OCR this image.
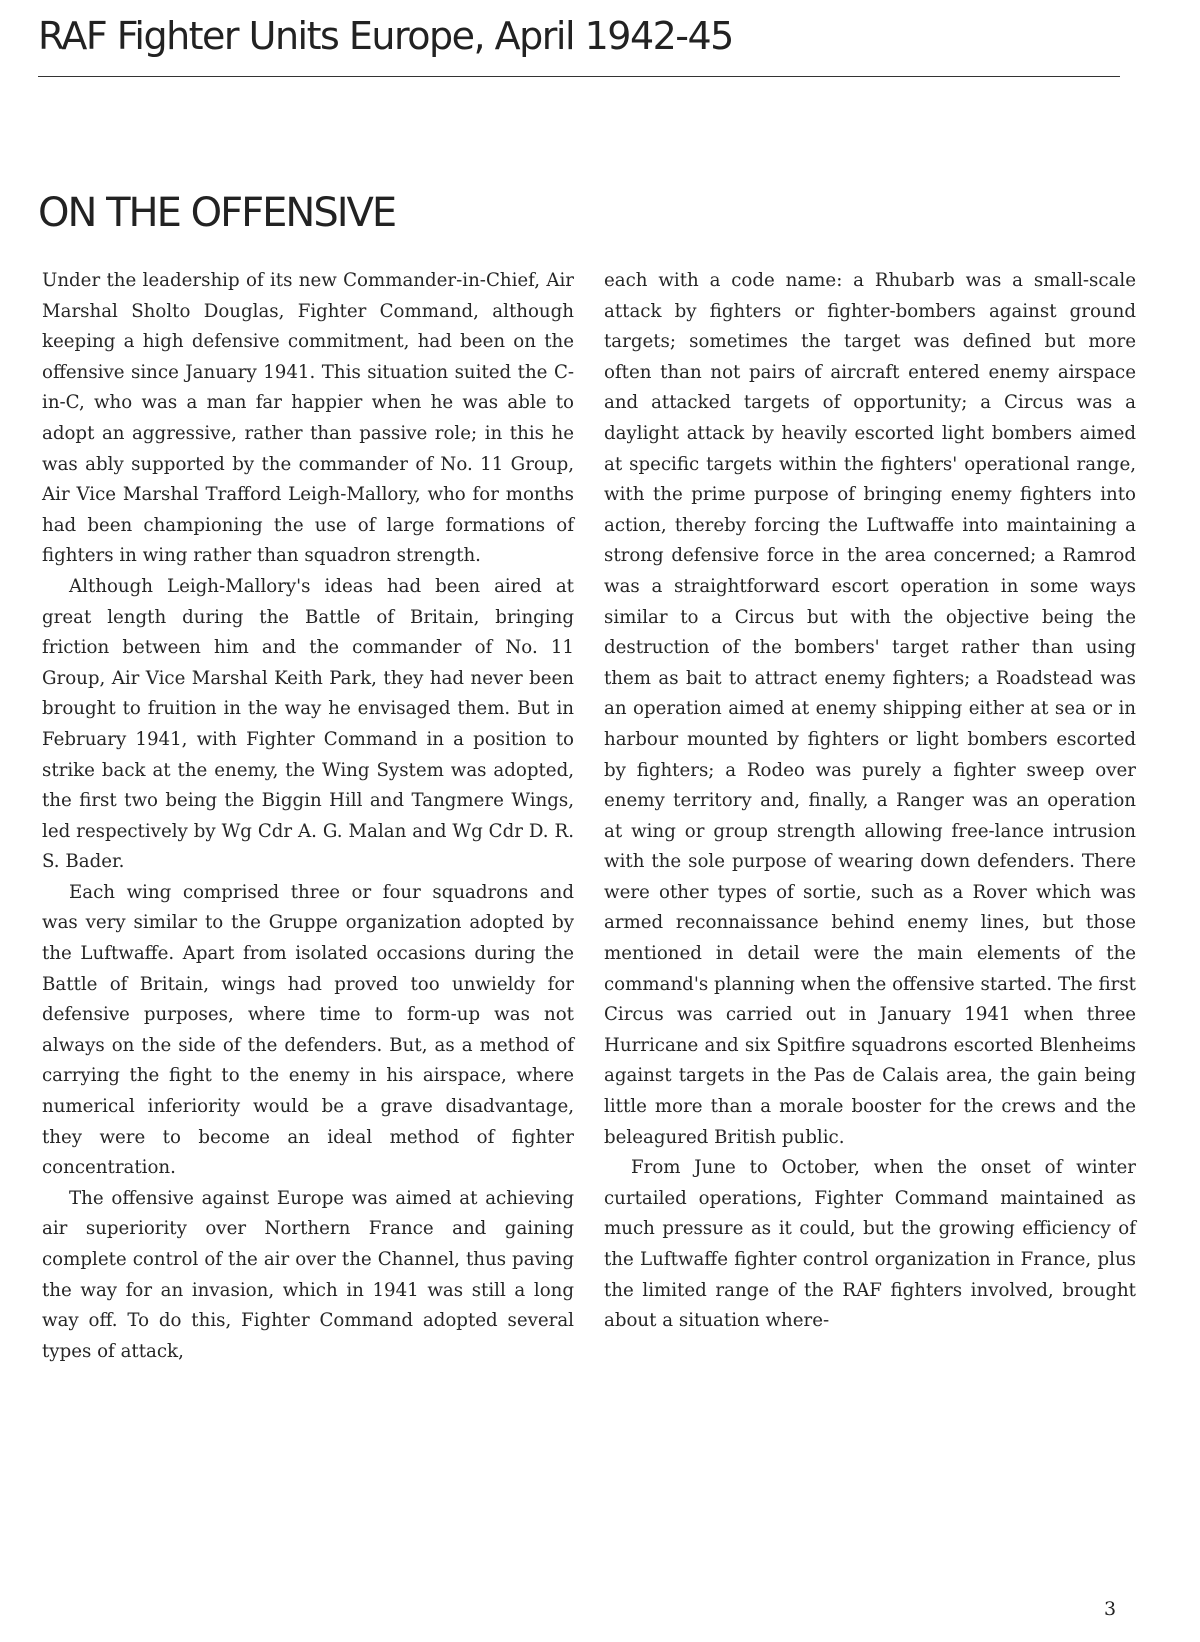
RAF Fighter Units Europe, April 1942-45
ON THE OFFENSIVE

Under the leadership of its new Commander-in-Chief, Air Marshal Sholto Douglas, Fighter Command, although keeping a high defensive commitment, had been on the offensive since January 1941. This situation suited the C-in-C, who was a man far happier when he was able to adopt an aggressive, rather than passive role; in this he was ably supported by the commander of No. 11 Group, Air Vice Marshal Trafford Leigh-Mallory, who for months had been championing the use of large formations of fighters in wing rather than squadron strength.

Although Leigh-Mallory's ideas had been aired at great length during the Battle of Britain, bringing friction between him and the commander of No. 11 Group, Air Vice Marshal Keith Park, they had never been brought to fruition in the way he envisaged them. But in February 1941, with Fighter Command in a position to strike back at the enemy, the Wing System was adopted, the first two being the Biggin Hill and Tangmere Wings, led respectively by Wg Cdr A. G. Malan and Wg Cdr D. R. S. Bader.

Each wing comprised three or four squadrons and was very similar to the Gruppe organization adopted by the Luftwaffe. Apart from isolated occasions during the Battle of Britain, wings had proved too unwieldy for defensive purposes, where time to form-up was not always on the side of the defenders. But, as a method of carrying the fight to the enemy in his airspace, where numerical inferiority would be a grave disadvantage, they were to become an ideal method of fighter concentration.

The offensive against Europe was aimed at achieving air superiority over Northern France and gaining complete control of the air over the Channel, thus paving the way for an invasion, which in 1941 was still a long way off. To do this, Fighter Command adopted several types of attack,

each with a code name: a Rhubarb was a small-scale attack by fighters or fighter-bombers against ground targets; sometimes the target was defined but more often than not pairs of aircraft entered enemy airspace and attacked targets of opportunity; a Circus was a daylight attack by heavily escorted light bombers aimed at specific targets within the fighters' operational range, with the prime purpose of bringing enemy fighters into action, thereby forcing the Luftwaffe into maintaining a strong defensive force in the area concerned; a Ramrod was a straightforward escort operation in some ways similar to a Circus but with the objective being the destruction of the bombers' target rather than using them as bait to attract enemy fighters; a Roadstead was an operation aimed at enemy shipping either at sea or in harbour mounted by fighters or light bombers escorted by fighters; a Rodeo was purely a fighter sweep over enemy territory and, finally, a Ranger was an operation at wing or group strength allowing free-lance intrusion with the sole purpose of wearing down defenders. There were other types of sortie, such as a Rover which was armed reconnaissance behind enemy lines, but those mentioned in detail were the main elements of the command's planning when the offensive started. The first Circus was carried out in January 1941 when three Hurricane and six Spitfire squadrons escorted Blenheims against targets in the Pas de Calais area, the gain being little more than a morale booster for the crews and the beleagured British public.

From June to October, when the onset of winter curtailed operations, Fighter Command maintained as much pressure as it could, but the growing efficiency of the Luftwaffe fighter control organization in France, plus the limited range of the RAF fighters involved, brought about a situation where-

3
